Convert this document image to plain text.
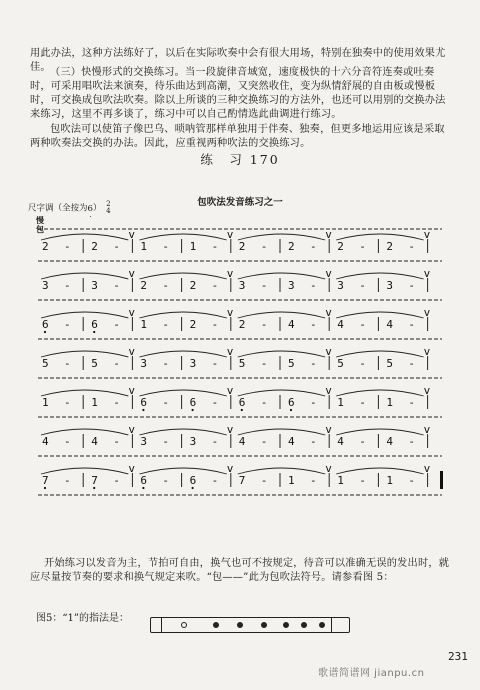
用此办法，这种方法练好了，以后在实际吹奏中会有很大用场，特别在独奏中的使用效果尤佳。 （三）快慢形式的交换练习。当一段旋律音域宽，速度极快的十六分音符连奏或吐奏时，可采用唱吹法来演奏，待乐曲达到高潮，又突然收住，变为纵情舒展的自由板或慢板时，可交换成包吹法吹奏。除以上所谈的三种交换练习的方法外，也还可以用别的交换办法来练习，这里不再多谈了，练习中可以自己酌情选此曲调进行练习。
包吹法可以使笛子像巴乌、唢呐管那样单独用于伴奏、独奏，但更多地运用应该是采取两种吹奏法交换的办法。因此，应重视两种吹法的交换练习。
练　习 170
包吹法发音练习之一
尺字调（全按为6
·
） 2
4
慢
包
2 - 2 -
v
1 - 1 -
v
2 - 2 -
v
2 - 2 -
v
3 - 3 -
v
2 - 2 -
v
3 - 3 -
v
3 - 3 -
v
6 - 6 -
v
1 - 2 -
v
2 - 4 -
v
4 - 4 -
v
5 - 5 -
v
3 - 3 -
v
5 - 5 -
v
5 - 5 -
v
1 - 1 -
v
6 - 6 -
v
6 - 6 -
v
1 - 1 -
v
4 - 4 -
v
3 - 3 -
v
4 - 4 -
v
4 - 4 -
v
7 - 7 -
v
6 - 6 -
v
7 - 1 -
v
1 - 1 -
v
开始练习以发音为主，节拍可自由，换气也可不按规定，待音可以准确无误的发出时，就应尽量按节奏的要求和换气规定来吹。“包——”此为包吹法符号。请参看图 5：
图5：“1”的指法是：
231
歌谱简谱网 jianpu.cn
